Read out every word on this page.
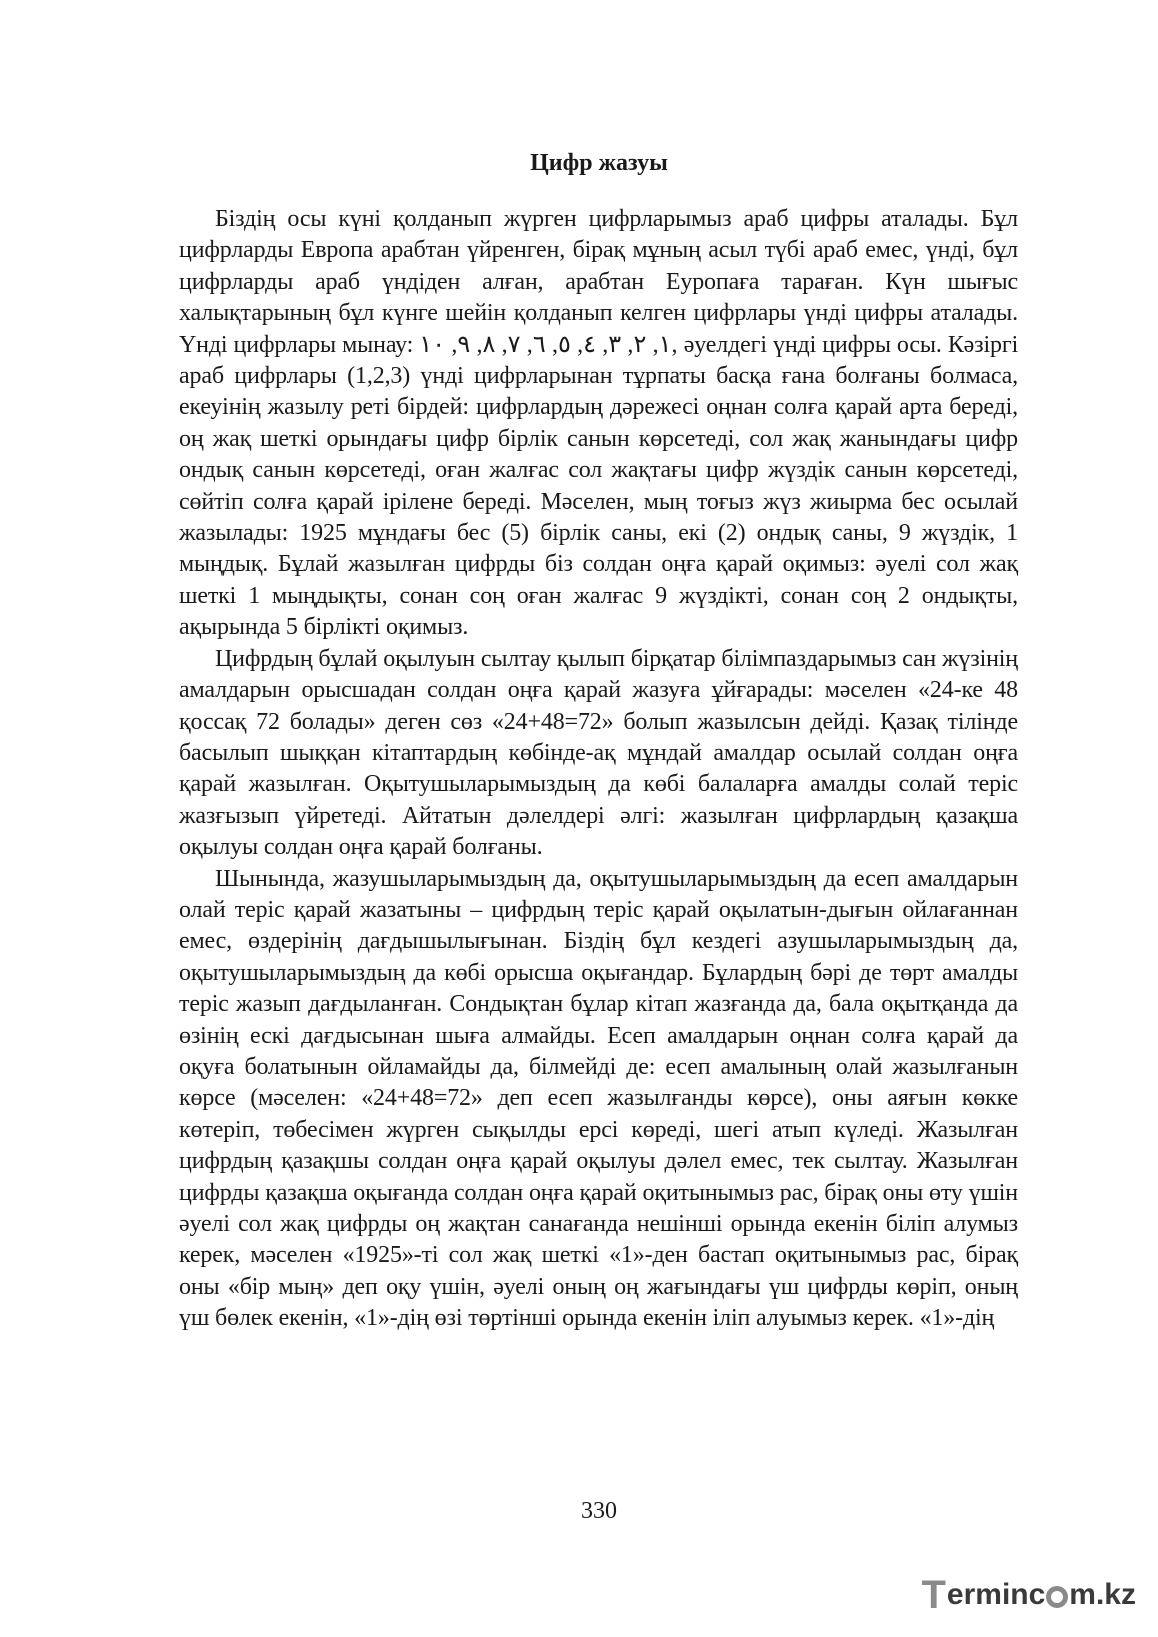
Цифр жазуы

Біздің осы күні қолданып жүрген цифрларымыз араб цифры аталады. Бұл цифрларды Европа арабтан үйренген, бірақ мұның асыл түбі араб емес, үнді, бұл цифрларды араб үндіден алған, арабтан Еуропаға тараған. Күн шығыс халықтарының бұл күнге шейін қолданып келген цифрлары үнді цифры аталады. Үнді цифрлары мынау: ١, ٢, ٣, ٤, ٥, ٦, ٧, ٨, ٩, ١٠, әуелдегі үнді цифры осы. Кәзіргі араб цифрлары (1,2,3) үнді цифрларынан тұрпаты басқа ғана болғаны болмаса, екеуінің жазылу реті бірдей: цифрлардың дәрежесі оңнан солға қарай арта береді, оң жақ шеткі орындағы цифр бірлік санын көрсетеді, сол жақ жанындағы цифр ондық санын көрсетеді, оған жалғас сол жақтағы цифр жүздік санын көрсетеді, сөйтіп солға қарай іріленe береді. Мәселен, мың тоғыз жүз жиырма бес осылай жазылады: 1925 мұндағы бес (5) бірлік саны, екі (2) ондық саны, 9 жүздік, 1 мыңдық. Бұлай жазылған цифрды біз солдан оңға қарай оқимыз: әуелі сол жақ шеткі 1 мыңдықты, сонан соң оған жалғас 9 жүздікті, сонан соң 2 ондықты, ақырында 5 бірлікті оқимыз.

Цифрдың бұлай оқылуын сылтау қылып бірқатар білімпаздарымыз сан жүзінің амалдарын орысшадан солдан оңға қарай жазуға ұйғарады: мәселен «24-ке 48 қоссақ 72 болады» деген сөз «24+48=72» болып жазылсын дейді. Қазақ тілінде басылып шыққан кітаптардың көбінде-ақ мұндай амалдар осылай солдан оңға қарай жазылған. Оқытушыларымыздың да көбі балаларға амалды солай теріс жазғызып үйретеді. Айтатын дәлелдері әлгі: жазылған цифрлардың қазақша оқылуы солдан оңға қарай болғаны.

Шынында, жазушыларымыздың да, оқытушыларымыздың да есеп амалдарын олай теріс қарай жазатыны – цифрдың теріс қарай оқылатын-дығын ойлағаннан емес, өздерінің дағдышылығынан. Біздің бұл кездегі азушыларымыздың да, оқытушыларымыздың да көбі орысша оқығандар. Бұлардың бәрі де төрт амалды теріс жазып дағдыланған. Сондықтан бұлар кітап жазғанда да, бала оқытқанда да өзінің ескі дағдысынан шыға алмайды. Есеп амалдарын оңнан солға қарай да оқуға болатынын ойламайды да, білмейді де: есеп амалының олай жазылғанын көрсе (мәселен: «24+48=72» деп есеп жазылғанды көрсе), оны аяғын көкке көтеріп, төбесімен жүрген сықылды ерсі көреді, шегі атып күледі. Жазылған цифрдың қазақшы солдан оңға қарай оқылуы дәлел емес, тек сылтау. Жазылған цифрды қазақша оқығанда солдан оңға қарай оқитынымыз рас, бірақ оны өту үшін әуелі сол жақ цифрды оң жақтан санағанда нешінші орында екенін біліп алумыз керек, мәселен «1925»-ті сол жақ шеткі «1»-ден бастап оқитынымыз рас, бірақ оны «бір мың» деп оқу үшін, әуелі оның оң жағындағы үш цифрды көріп, оның үш бөлек екенін, «1»-дің өзі төртінші орында екенін іліп алуымыз керек. «1»-дің

330
T erminc m.kz
